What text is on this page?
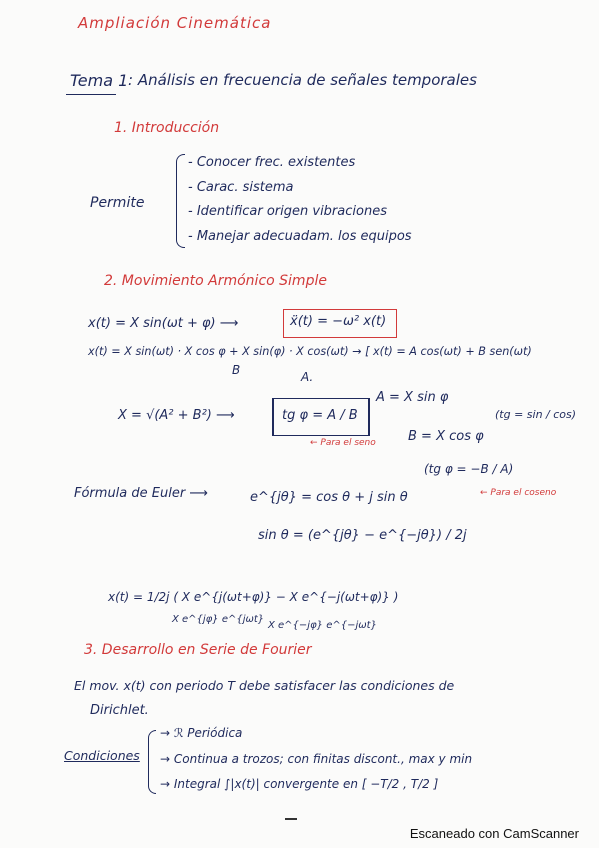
Ampliación Cinemática
Tema 1 : Análisis en frecuencia de señales temporales
1. Introducción
Permite
- Conocer frec. existentes
- Carac. sistema
- Identificar origen vibraciones
- Manejar adecuadam. los equipos
2. Movimiento Armónico Simple
x(t) = X sin(ωt + φ) ⟶	ẍ(t) = −ω² x(t)
x(t) = X sin(ωt) · X cos φ + X sin(φ) · X cos(ωt) → [ x(t) = A cos(ωt) + B sen(ωt)
B	A.
X = √(A² + B²) ⟶	tg φ = A / B
← Para el seno
A = X sin φ
B = X cos φ
(tg = sin / cos)
(tg φ = −B / A)
← Para el coseno
Fórmula de Euler ⟶	e^{jθ} = cos θ + j sin θ
sin θ = (e^{jθ} − e^{−jθ}) / 2j
x(t) = 1/2j ( X e^{j(ωt+φ)} − X e^{−j(ωt+φ)} )
X e^{jφ} e^{jωt}
X e^{−jφ} e^{−jωt}
3. Desarrollo en Serie de Fourier
El mov. x(t) con periodo T debe satisfacer las condiciones de
Dirichlet.
Condiciones
→ ℛ Periódica
→ Continua a trozos; con finitas discont., max y min
→ Integral ∫|x(t)| convergente en [ −T/2 , T/2 ]
Escaneado con CamScanner
